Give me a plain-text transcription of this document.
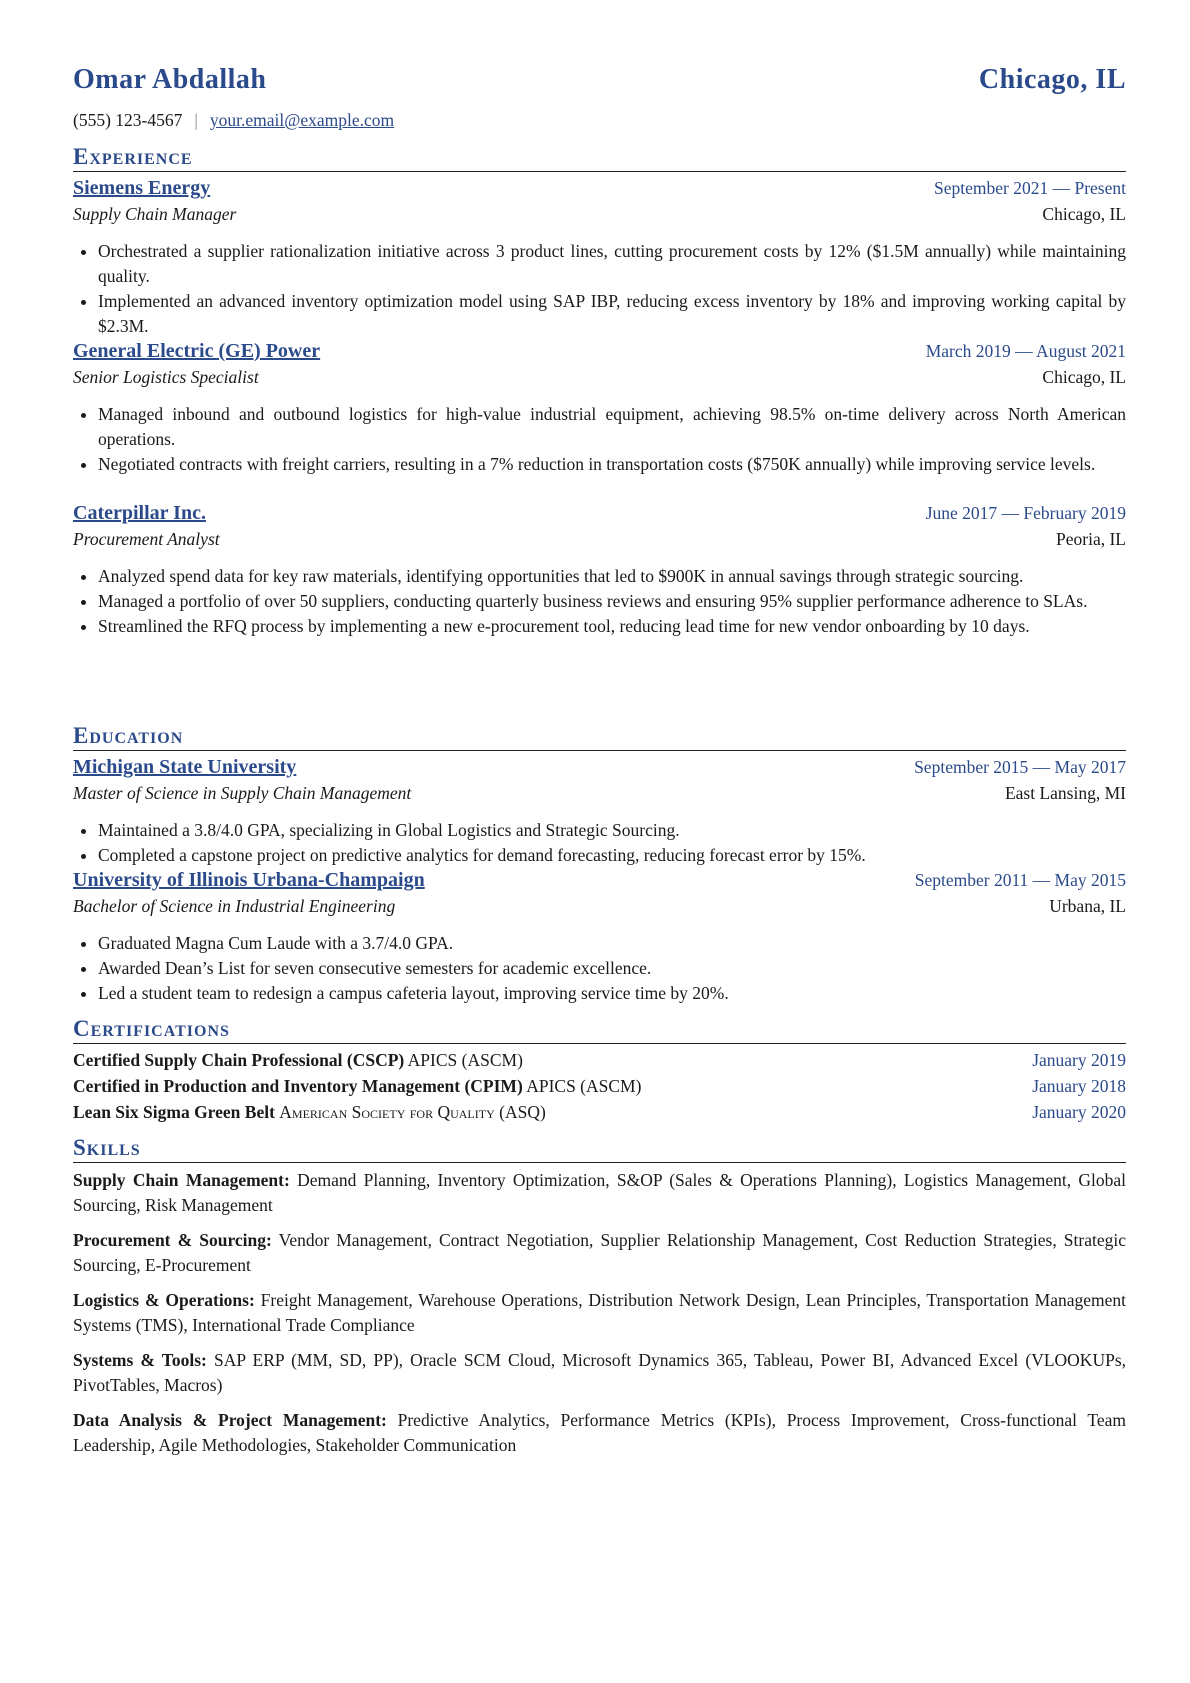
Omar Abdallah	Chicago, IL
(555) 123-4567 | your.email@example.com
Experience
Siemens Energy	September 2021 — Present
Supply Chain Manager	Chicago, IL
• Orchestrated a supplier rationalization initiative across 3 product lines, cutting procurement costs by 12% ($1.5M annually) while maintaining quality.
• Implemented an advanced inventory optimization model using SAP IBP, reducing excess inventory by 18% and improving working capital by $2.3M.
General Electric (GE) Power	March 2019 — August 2021
Senior Logistics Specialist	Chicago, IL
• Managed inbound and outbound logistics for high-value industrial equipment, achieving 98.5% on-time delivery across North American operations.
• Negotiated contracts with freight carriers, resulting in a 7% reduction in transportation costs ($750K annually) while improving service levels.
Caterpillar Inc.	June 2017 — February 2019
Procurement Analyst	Peoria, IL
• Analyzed spend data for key raw materials, identifying opportunities that led to $900K in annual savings through strategic sourcing.
• Managed a portfolio of over 50 suppliers, conducting quarterly business reviews and ensuring 95% supplier performance adherence to SLAs.
• Streamlined the RFQ process by implementing a new e-procurement tool, reducing lead time for new vendor onboarding by 10 days.
Education
Michigan State University	September 2015 — May 2017
Master of Science in Supply Chain Management	East Lansing, MI
• Maintained a 3.8/4.0 GPA, specializing in Global Logistics and Strategic Sourcing.
• Completed a capstone project on predictive analytics for demand forecasting, reducing forecast error by 15%.
University of Illinois Urbana-Champaign	September 2011 — May 2015
Bachelor of Science in Industrial Engineering	Urbana, IL
• Graduated Magna Cum Laude with a 3.7/4.0 GPA.
• Awarded Dean’s List for seven consecutive semesters for academic excellence.
• Led a student team to redesign a campus cafeteria layout, improving service time by 20%.
Certifications
Certified Supply Chain Professional (CSCP) APICS (ASCM)	January 2019
Certified in Production and Inventory Management (CPIM) APICS (ASCM)	January 2018
Lean Six Sigma Green Belt American Society for Quality (ASQ)	January 2020
Skills
Supply Chain Management: Demand Planning, Inventory Optimization, S&OP (Sales & Operations Planning), Logistics Management, Global Sourcing, Risk Management
Procurement & Sourcing: Vendor Management, Contract Negotiation, Supplier Relationship Management, Cost Reduction Strategies, Strategic Sourcing, E-Procurement
Logistics & Operations: Freight Management, Warehouse Operations, Distribution Network Design, Lean Principles, Transportation Management Systems (TMS), International Trade Compliance
Systems & Tools: SAP ERP (MM, SD, PP), Oracle SCM Cloud, Microsoft Dynamics 365, Tableau, Power BI, Advanced Excel (VLOOKUPs, PivotTables, Macros)
Data Analysis & Project Management: Predictive Analytics, Performance Metrics (KPIs), Process Improvement, Cross-functional Team Leadership, Agile Methodologies, Stakeholder Communication
